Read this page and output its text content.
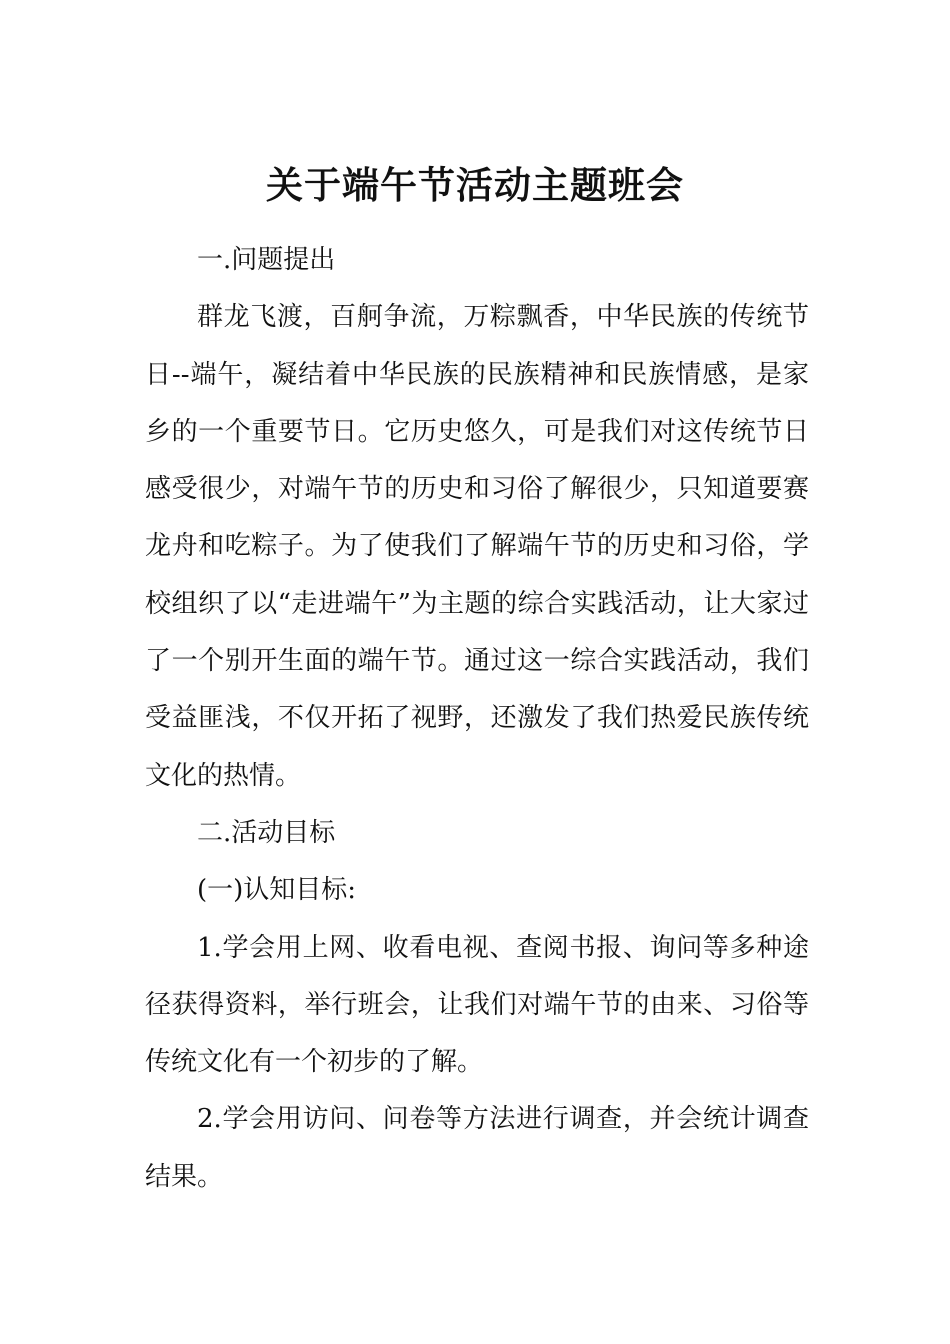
关于端午节活动主题班会

一.问题提出

群龙飞渡，百舸争流，万粽飘香，中华民族的传统节日--端午，凝结着中华民族的民族精神和民族情感，是家乡的一个重要节日。它历史悠久，可是我们对这传统节日感受很少，对端午节的历史和习俗了解很少，只知道要赛龙舟和吃粽子。为了使我们了解端午节的历史和习俗，学校组织了以“走进端午”为主题的综合实践活动，让大家过了一个别开生面的端午节。通过这一综合实践活动，我们受益匪浅，不仅开拓了视野，还激发了我们热爱民族传统文化的热情。

二.活动目标

(一)认知目标:

1.学会用上网、收看电视、查阅书报、询问等多种途径获得资料，举行班会，让我们对端午节的由来、习俗等传统文化有一个初步的了解。

2.学会用访问、问卷等方法进行调查，并会统计调查结果。
